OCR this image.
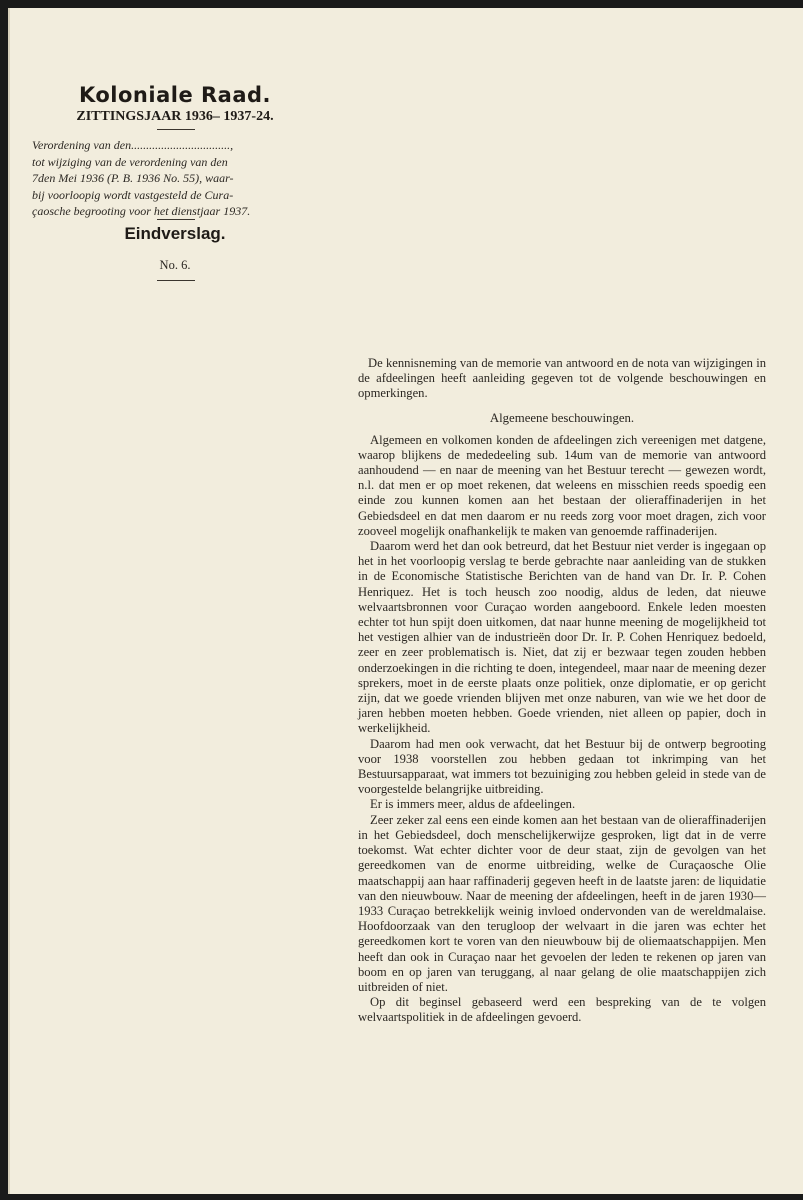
Koloniale Raad.
ZITTINGSJAAR 1936– 1937-24.
Verordening van den.................................,
tot wijziging van de verordening van den
7den Mei 1936 (P. B. 1936 No. 55), waar-
bij voorloopig wordt vastgesteld de Cura-
çaosche begrooting voor het dienstjaar 1937.
Eindverslag.
No. 6.

De kennisneming van de memorie van antwoord en de nota van wijzigingen in de afdeelingen heeft aanleiding gegeven tot de volgende beschouwingen en opmerkingen.

Algemeene beschouwingen.

Algemeen en volkomen konden de afdeelingen zich vereenigen met datgene, waarop blijkens de mededeeling sub. 14um van de memorie van antwoord aanhoudend — en naar de meening van het Bestuur terecht — gewezen wordt, n.l. dat men er op moet rekenen, dat weleens en misschien reeds spoedig een einde zou kunnen komen aan het bestaan der olieraffinaderijen in het Gebiedsdeel en dat men daarom er nu reeds zorg voor moet dragen, zich voor zooveel mogelijk onafhankelijk te maken van genoemde raffinaderijen.

Daarom werd het dan ook betreurd, dat het Bestuur niet verder is ingegaan op het in het voorloopig verslag te berde gebrachte naar aanleiding van de stukken in de Economische Statistische Berichten van de hand van Dr. Ir. P. Cohen Henriquez. Het is toch heusch zoo noodig, aldus de leden, dat nieuwe welvaartsbronnen voor Curaçao worden aangeboord. Enkele leden moesten echter tot hun spijt doen uitkomen, dat naar hunne meening de mogelijkheid tot het vestigen alhier van de industrieën door Dr. Ir. P. Cohen Henriquez bedoeld, zeer en zeer problematisch is. Niet, dat zij er bezwaar tegen zouden hebben onderzoekingen in die richting te doen, integendeel, maar naar de meening dezer sprekers, moet in de eerste plaats onze politiek, onze diplomatie, er op gericht zijn, dat we goede vrienden blijven met onze naburen, van wie we het door de jaren hebben moeten hebben. Goede vrienden, niet alleen op papier, doch in werkelijkheid.

Daarom had men ook verwacht, dat het Bestuur bij de ontwerp begrooting voor 1938 voorstellen zou hebben gedaan tot inkrimping van het Bestuursapparaat, wat immers tot bezuiniging zou hebben geleid in stede van de voorgestelde belangrijke uitbreiding.

Er is immers meer, aldus de afdeelingen.

Zeer zeker zal eens een einde komen aan het bestaan van de olieraffinaderijen in het Gebiedsdeel, doch menschelijkerwijze gesproken, ligt dat in de verre toekomst. Wat echter dichter voor de deur staat, zijn de gevolgen van het gereedkomen van de enorme uitbreiding, welke de Curaçaosche Olie maatschappij aan haar raffinaderij gegeven heeft in de laatste jaren: de liquidatie van den nieuwbouw. Naar de meening der afdeelingen, heeft in de jaren 1930—1933 Curaçao betrekkelijk weinig invloed ondervonden van de wereldmalaise. Hoofdoorzaak van den terugloop der welvaart in die jaren was echter het gereedkomen kort te voren van den nieuwbouw bij de oliemaatschappijen. Men heeft dan ook in Curaçao naar het gevoelen der leden te rekenen op jaren van boom en op jaren van teruggang, al naar gelang de olie maatschappijen zich uitbreiden of niet.

Op dit beginsel gebaseerd werd een bespreking van de te volgen welvaartspolitiek in de afdeelingen gevoerd.
